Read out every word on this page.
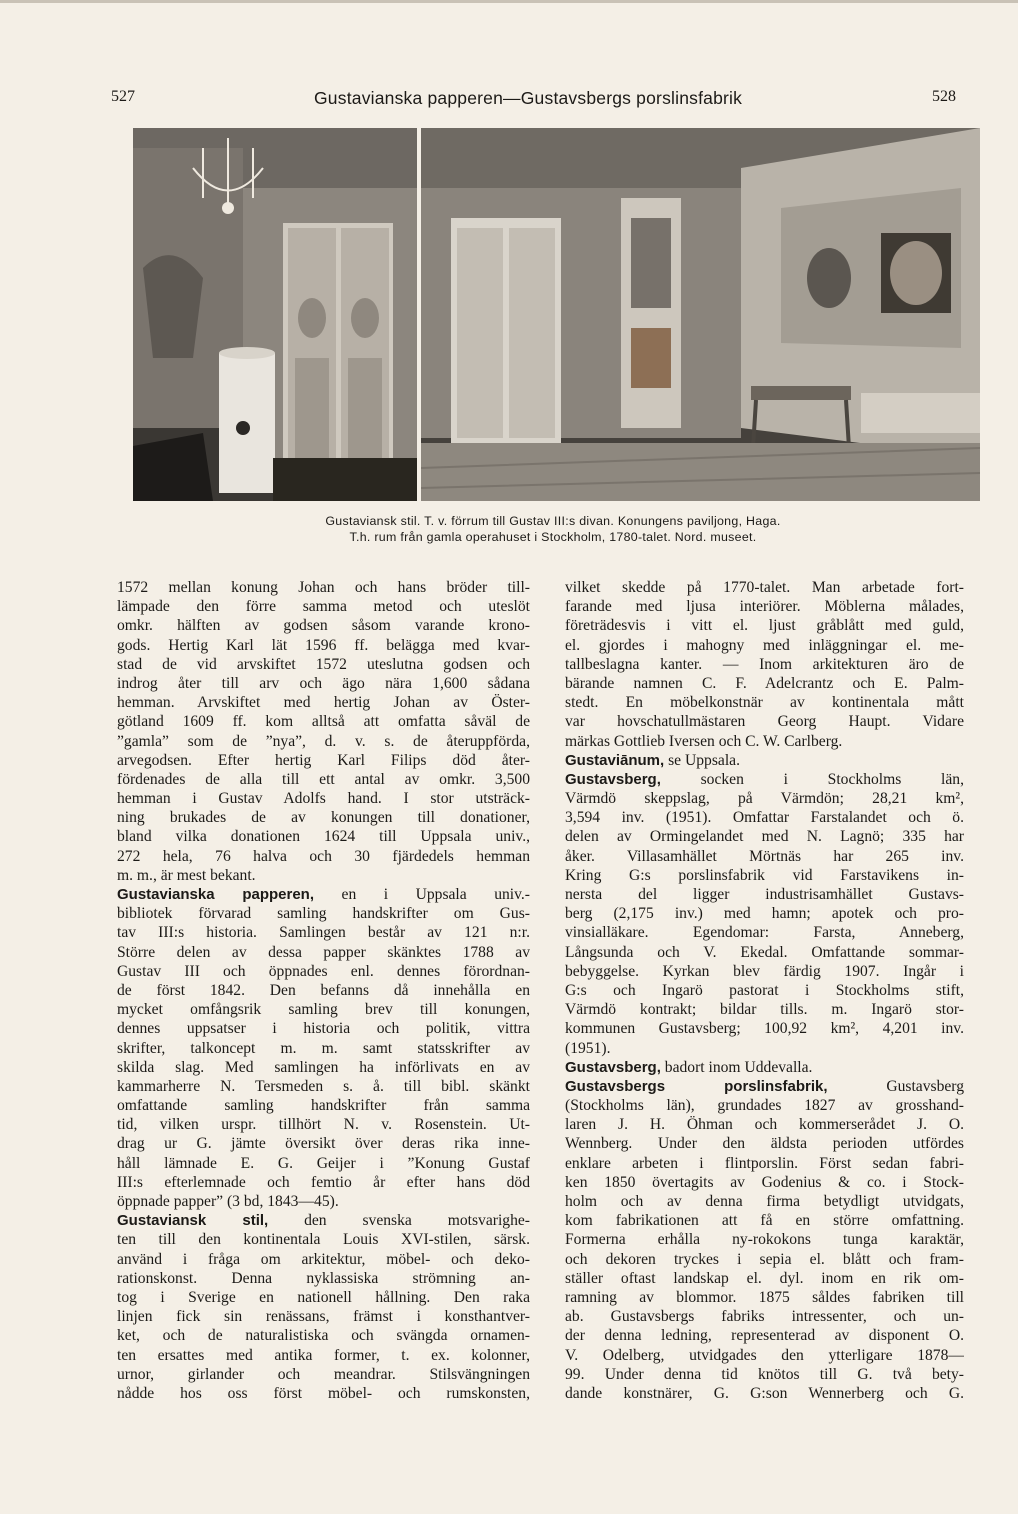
527	Gustavianska papperen—Gustavsbergs porslinsfabrik	528
Gustaviansk stil. T. v. förrum till Gustav III:s divan. Konungens paviljong, Haga.
T.h. rum från gamla operahuset i Stockholm, 1780-talet. Nord. museet.
1572 mellan konung Johan och hans bröder till-
lämpade den förre samma metod och uteslöt
omkr. hälften av godsen såsom varande krono-
gods. Hertig Karl lät 1596 ff. belägga med kvar-
stad de vid arvskiftet 1572 uteslutna godsen och
indrog åter till arv och ägo nära 1,600 sådana
hemman. Arvskiftet med hertig Johan av Öster-
götland 1609 ff. kom alltså att omfatta såväl de
”gamla” som de ”nya”, d. v. s. de återuppförda,
arvegodsen. Efter hertig Karl Filips död åter-
fördenades de alla till ett antal av omkr. 3,500
hemman i Gustav Adolfs hand. I stor utsträck-
ning brukades de av konungen till donationer,
bland vilka donationen 1624 till Uppsala univ.,
272 hela, 76 halva och 30 fjärdedels hemman
m. m., är mest bekant.
Gustavianska papperen, en i Uppsala univ.-
bibliotek förvarad samling handskrifter om Gus-
tav III:s historia. Samlingen består av 121 n:r.
Större delen av dessa papper skänktes 1788 av
Gustav III och öppnades enl. dennes förordnan-
de först 1842. Den befanns då innehålla en
mycket omfångsrik samling brev till konungen,
dennes uppsatser i historia och politik, vittra
skrifter, talkoncept m. m. samt statsskrifter av
skilda slag. Med samlingen ha införlivats en av
kammarherre N. Tersmeden s. å. till bibl. skänkt
omfattande samling handskrifter från samma
tid, vilken urspr. tillhört N. v. Rosenstein. Ut-
drag ur G. jämte översikt över deras rika inne-
håll lämnade E. G. Geijer i ”Konung Gustaf
III:s efterlemnade och femtio år efter hans död
öppnade papper” (3 bd, 1843—45).
Gustaviansk stil, den svenska motsvarighe-
ten till den kontinentala Louis XVI-stilen, särsk.
använd i fråga om arkitektur, möbel- och deko-
rationskonst. Denna nyklassiska strömning an-
tog i Sverige en nationell hållning. Den raka
linjen fick sin renässans, främst i konsthantver-
ket, och de naturalistiska och svängda ornamen-
ten ersattes med antika former, t. ex. kolonner,
urnor, girlander och meandrar. Stilsvängningen
nådde hos oss först möbel- och rumskonsten,
vilket skedde på 1770-talet. Man arbetade fort-
farande med ljusa interiörer. Möblerna målades,
företrädesvis i vitt el. ljust gråblått med guld,
el. gjordes i mahogny med inläggningar el. me-
tallbeslagna kanter. — Inom arkitekturen äro de
bärande namnen C. F. Adelcrantz och E. Palm-
stedt. En möbelkonstnär av kontinentala mått
var hovschatullmästaren Georg Haupt. Vidare
märkas Gottlieb Iversen och C. W. Carlberg.
Gustaviānum, se Uppsala.
Gustavsberg, socken i Stockholms län,
Värmdö skeppslag, på Värmdön; 28,21 km²,
3,594 inv. (1951). Omfattar Farstalandet och ö.
delen av Ormingelandet med N. Lagnö; 335 har
åker. Villasamhället Mörtnäs har 265 inv.
Kring G:s porslinsfabrik vid Farstavikens in-
nersta del ligger industrisamhället Gustavs-
berg (2,175 inv.) med hamn; apotek och pro-
vinsialläkare. Egendomar: Farsta, Anneberg,
Långsunda och V. Ekedal. Omfattande sommar-
bebyggelse. Kyrkan blev färdig 1907. Ingår i
G:s och Ingarö pastorat i Stockholms stift,
Värmdö kontrakt; bildar tills. m. Ingarö stor-
kommunen Gustavsberg; 100,92 km², 4,201 inv.
(1951).
Gustavsberg, badort inom Uddevalla.
Gustavsbergs porslinsfabrik, Gustavsberg
(Stockholms län), grundades 1827 av grosshand-
laren J. H. Öhman och kommerserådet J. O.
Wennberg. Under den äldsta perioden utfördes
enklare arbeten i flintporslin. Först sedan fabri-
ken 1850 övertagits av Godenius & co. i Stock-
holm och av denna firma betydligt utvidgats,
kom fabrikationen att få en större omfattning.
Formerna erhålla ny-rokokons tunga karaktär,
och dekoren tryckes i sepia el. blått och fram-
ställer oftast landskap el. dyl. inom en rik om-
ramning av blommor. 1875 såldes fabriken till
ab. Gustavsbergs fabriks intressenter, och un-
der denna ledning, representerad av disponent O.
V. Odelberg, utvidgades den ytterligare 1878—
99. Under denna tid knötos till G. två bety-
dande konstnärer, G. G:son Wennerberg och G.
